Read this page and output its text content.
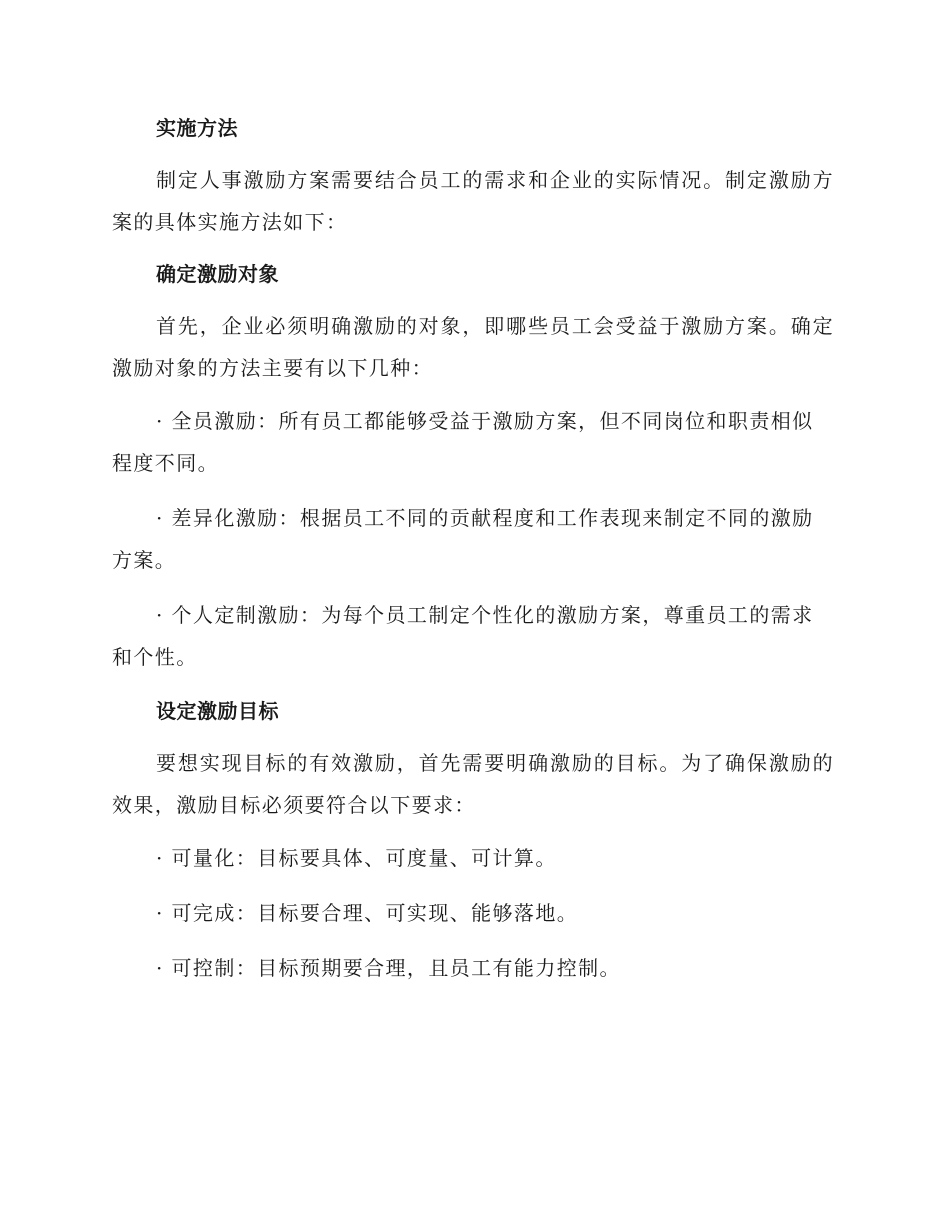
实施方法

制定人事激励方案需要结合员工的需求和企业的实际情况。制定激励方案的具体实施方法如下：

确定激励对象

首先，企业必须明确激励的对象，即哪些员工会受益于激励方案。确定激励对象的方法主要有以下几种：

· 全员激励：所有员工都能够受益于激励方案，但不同岗位和职责相似程度不同。

· 差异化激励：根据员工不同的贡献程度和工作表现来制定不同的激励方案。

· 个人定制激励：为每个员工制定个性化的激励方案，尊重员工的需求和个性。

设定激励目标

要想实现目标的有效激励，首先需要明确激励的目标。为了确保激励的效果，激励目标必须要符合以下要求：

· 可量化：目标要具体、可度量、可计算。

· 可完成：目标要合理、可实现、能够落地。

· 可控制：目标预期要合理，且员工有能力控制。
